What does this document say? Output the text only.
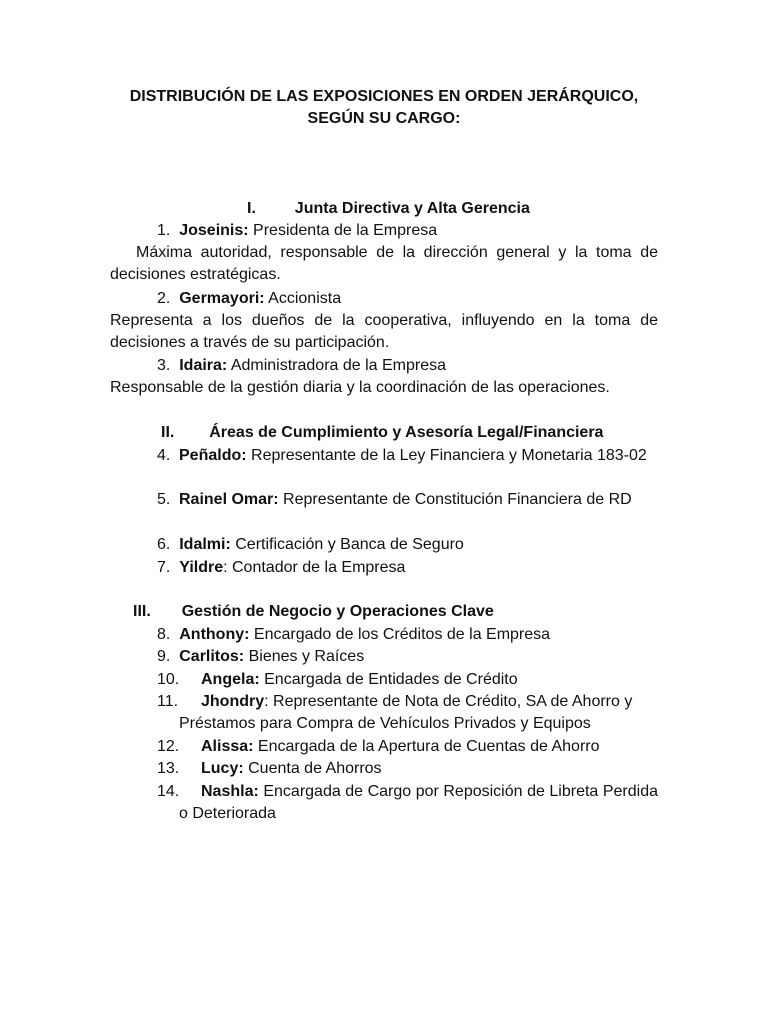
DISTRIBUCIÓN DE LAS EXPOSICIONES EN ORDEN JERÁRQUICO,
SEGÚN SU CARGO:
I. Junta Directiva y Alta Gerencia
1. Joseinis: Presidenta de la Empresa
Máxima autoridad, responsable de la dirección general y la toma de decisiones estratégicas.
2. Germayori: Accionista
Representa a los dueños de la cooperativa, influyendo en la toma de decisiones a través de su participación.
3. Idaira: Administradora de la Empresa
Responsable de la gestión diaria y la coordinación de las operaciones.
II. Áreas de Cumplimiento y Asesoría Legal/Financiera
4. Peñaldo: Representante de la Ley Financiera y Monetaria 183-02
5. Rainel Omar: Representante de Constitución Financiera de RD
6. Idalmi: Certificación y Banca de Seguro
7. Yildre: Contador de la Empresa
III. Gestión de Negocio y Operaciones Clave
8. Anthony: Encargado de los Créditos de la Empresa
9. Carlitos: Bienes y Raíces
10. Angela: Encargada de Entidades de Crédito
11.	Jhondry: Representante de Nota de Crédito, SA de Ahorro y Préstamos para Compra de Vehículos Privados y Equipos
12. Alissa: Encargada de la Apertura de Cuentas de Ahorro
13. Lucy: Cuenta de Ahorros
14.	Nashla: Encargada de Cargo por Reposición de Libreta Perdida o Deteriorada
